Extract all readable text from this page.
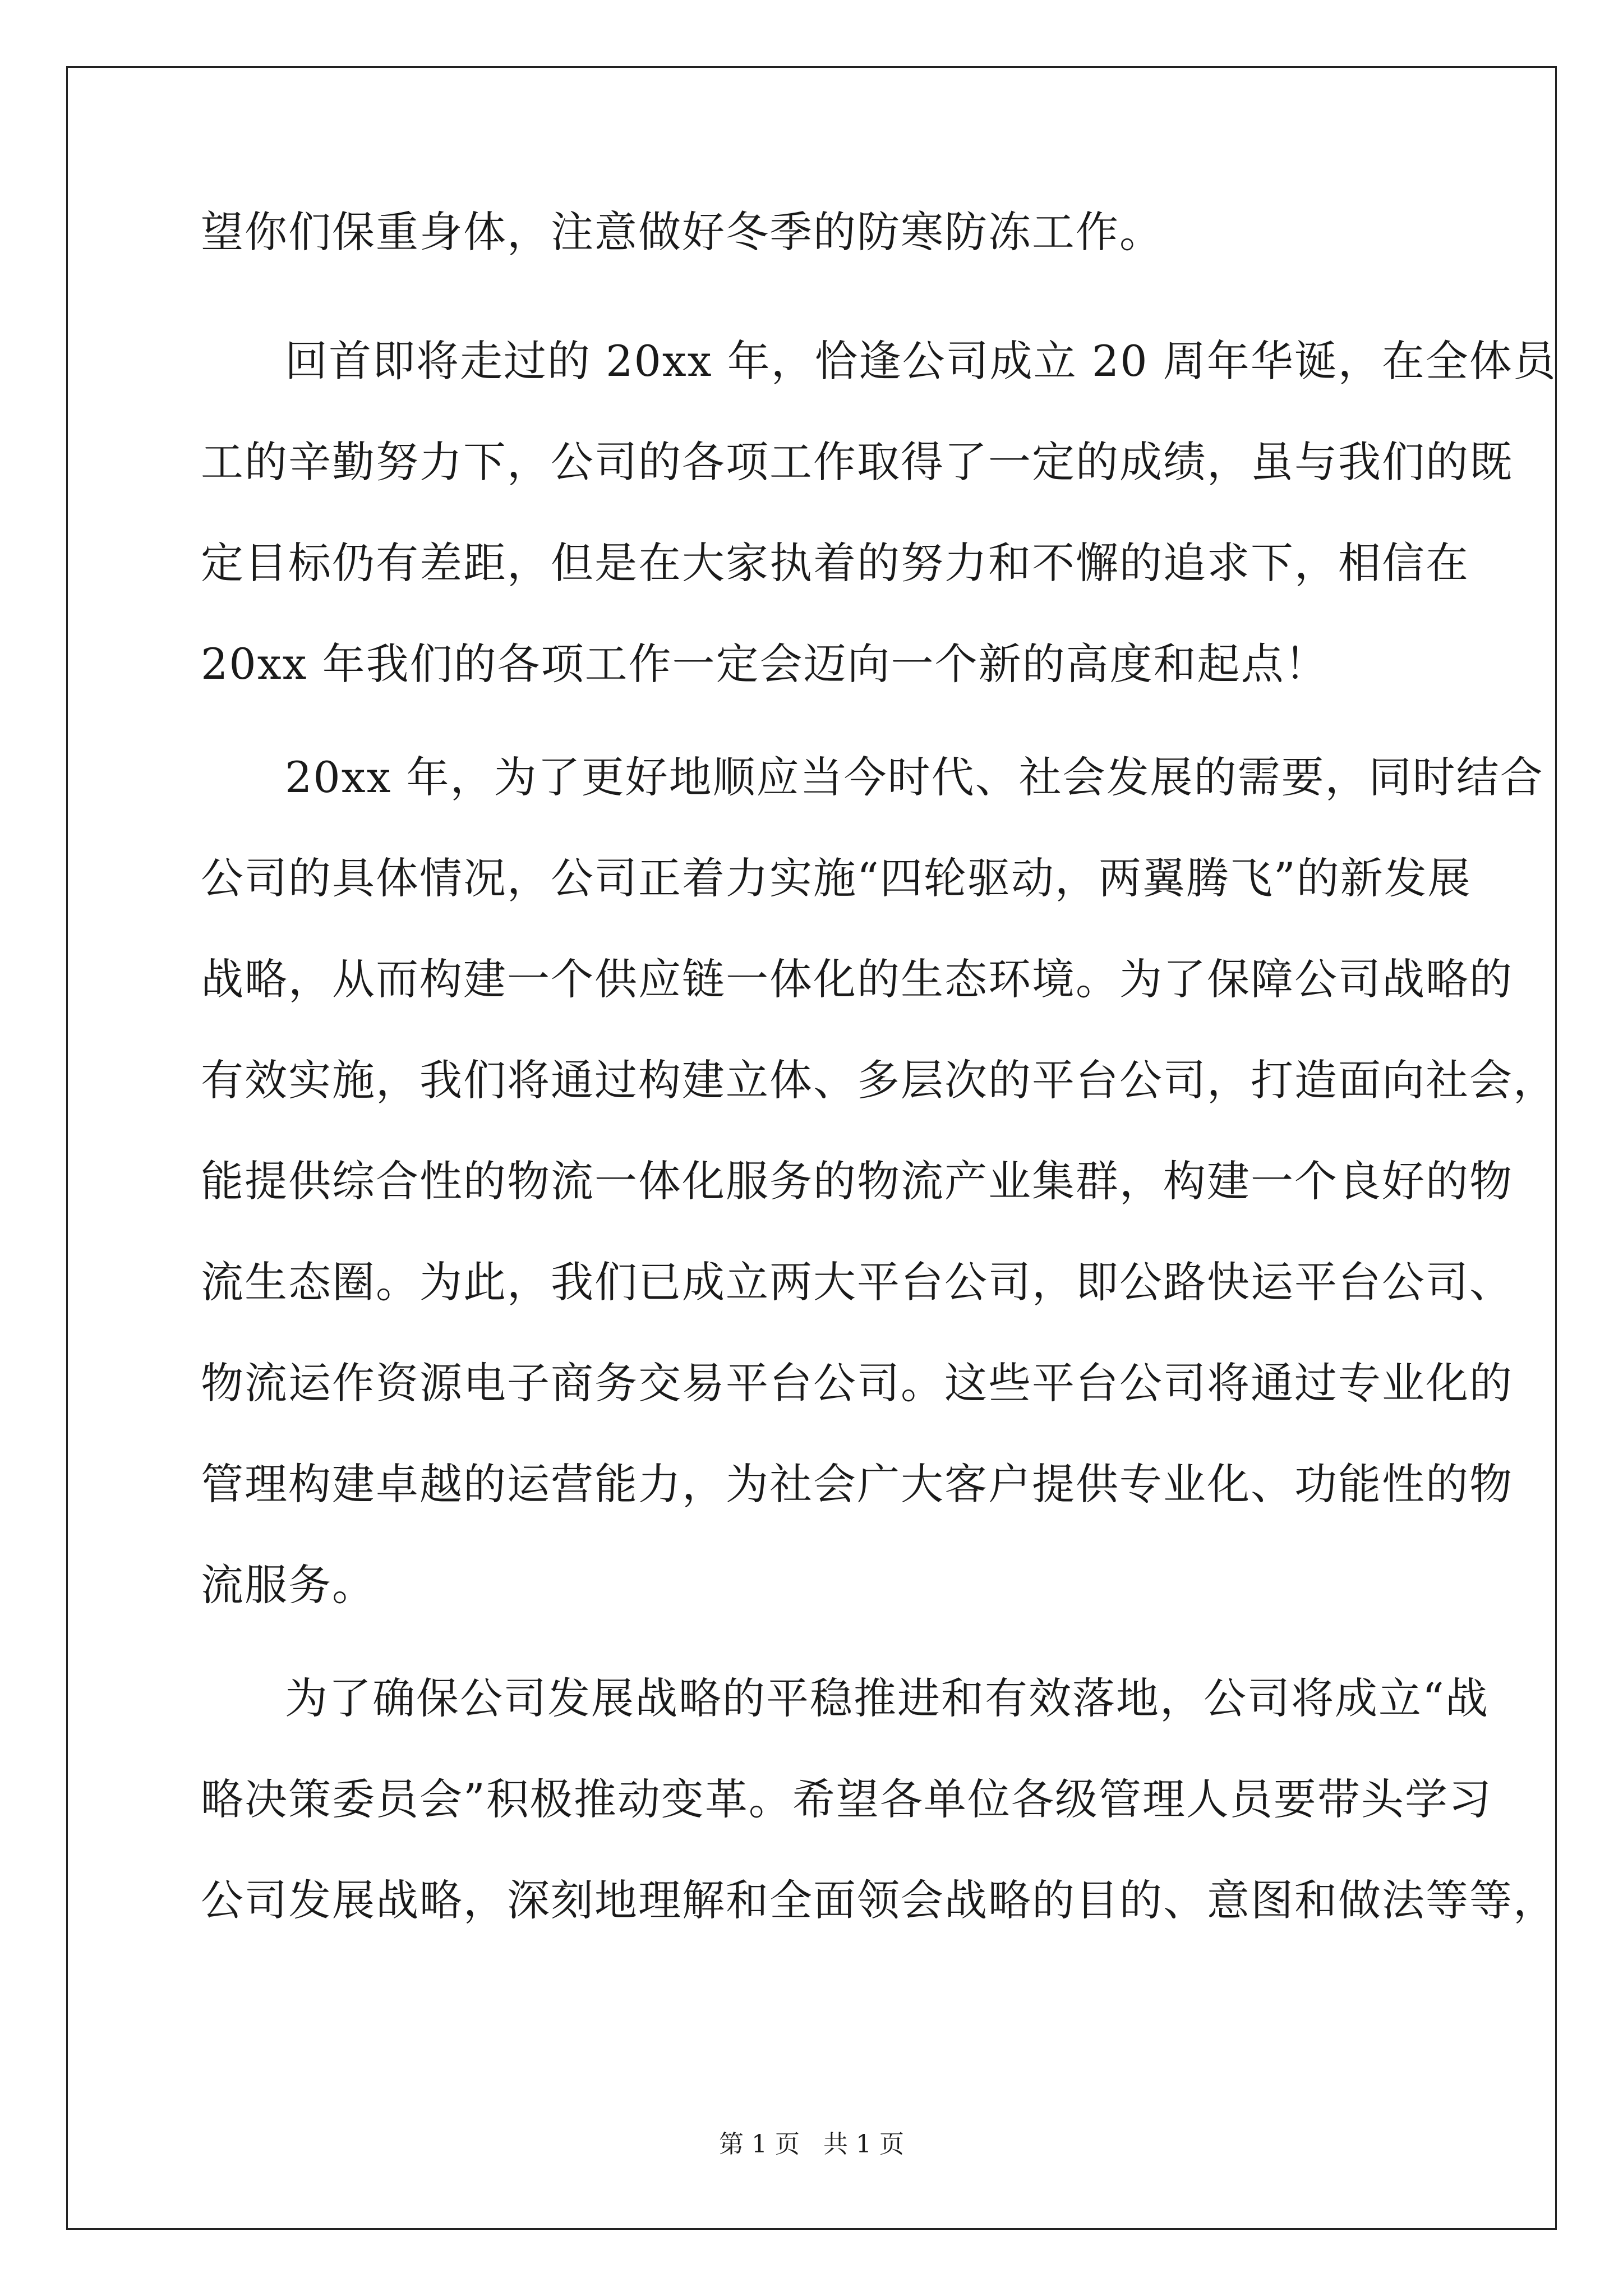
望你们保重身体，注意做好冬季的防寒防冻工作。
回首即将走过的 20xx 年，恰逢公司成立 20 周年华诞，在全体员
工的辛勤努力下，公司的各项工作取得了一定的成绩，虽与我们的既
定目标仍有差距，但是在大家执着的努力和不懈的追求下，相信在
20xx 年我们的各项工作一定会迈向一个新的高度和起点！
20xx 年，为了更好地顺应当今时代、社会发展的需要，同时结合
公司的具体情况，公司正着力实施“四轮驱动，两翼腾飞”的新发展
战略，从而构建一个供应链一体化的生态环境。为了保障公司战略的
有效实施，我们将通过构建立体、多层次的平台公司，打造面向社会，
能提供综合性的物流一体化服务的物流产业集群，构建一个良好的物
流生态圈。为此，我们已成立两大平台公司，即公路快运平台公司、
物流运作资源电子商务交易平台公司。这些平台公司将通过专业化的
管理构建卓越的运营能力，为社会广大客户提供专业化、功能性的物
流服务。
为了确保公司发展战略的平稳推进和有效落地，公司将成立“战
略决策委员会”积极推动变革。希望各单位各级管理人员要带头学习
公司发展战略，深刻地理解和全面领会战略的目的、意图和做法等等，
第 1 页   共 1 页
